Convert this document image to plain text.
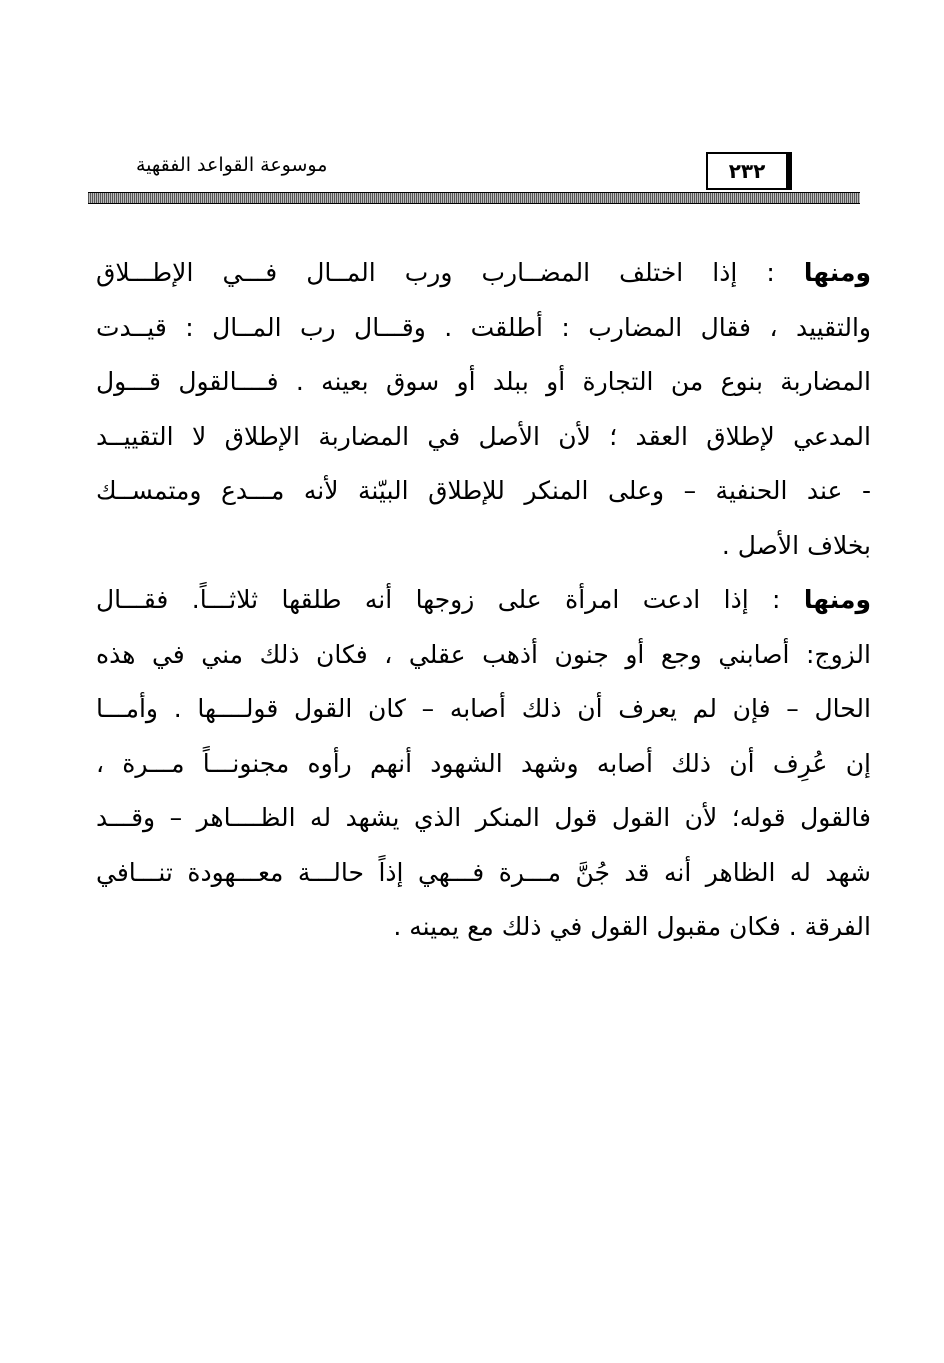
موسوعة القواعد الفقهية	٢٣٢
ومنها : إذا اختلف المضــارب ورب المــال فـــي الإطـــلاق
والتقييد ، فقال المضارب : أطلقت . وقـــال رب المــال : قيــدت
المضاربة بنوع من التجارة أو ببلد أو سوق بعينه . فــــالقول قـــول
المدعي لإطلاق العقد ؛ لأن الأصل في المضاربة الإطلاق لا التقييــد
- عند الحنفية – وعلى المنكر للإطلاق البيّنة لأنه مـــدع ومتمســك
بخلاف الأصل .
ومنها : إذا ادعت امرأة على زوجها أنه طلقها ثلاثـــاً. فقـــال
الزوج: أصابني وجع أو جنون أذهب عقلي ، فكان ذلك مني في هذه
الحال – فإن لم يعرف أن ذلك أصابه – كان القول قولــــها . وأمـــا
إن عُرِف أن ذلك أصابه وشهد الشهود أنهم رأوه مجنونـــاً مـــرة ،
فالقول قوله؛ لأن القول قول المنكر الذي يشهد له الظــــاهر – وقـــد
شهد له الظاهر أنه قد جُنَّ مـــرة فـــهي إذاً حالـــة معـــهودة تنـــافي
الفرقة . فكان مقبول القول في ذلك مع يمينه .
